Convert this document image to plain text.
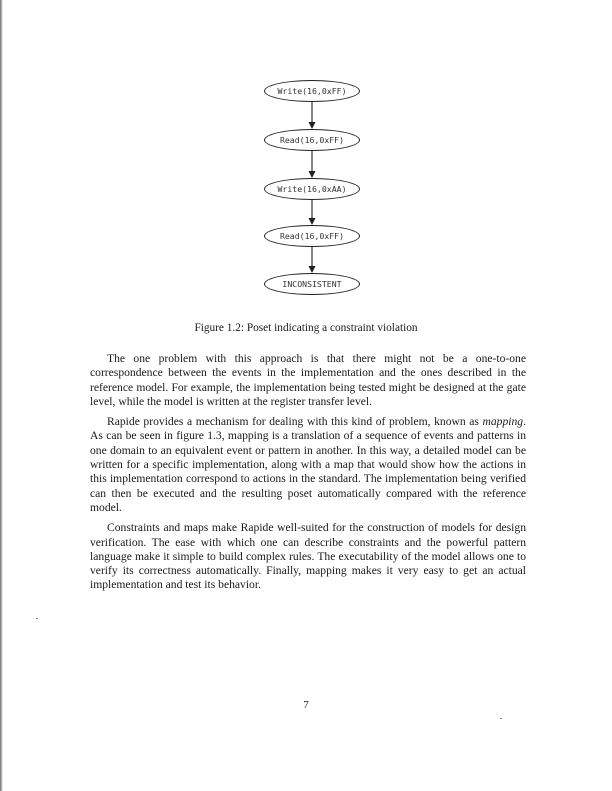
Write(16,0xFF)
Read(16,0xFF)
Write(16,0xAA)
Read(16,0xFF)
INCONSISTENT
Figure 1.2: Poset indicating a constraint violation

The one problem with this approach is that there might not be a one-to-one correspondence between the events in the implementation and the ones described in the reference model. For example, the implementation being tested might be designed at the gate level, while the model is written at the register transfer level.

Rapide provides a mechanism for dealing with this kind of problem, known as mapping. As can be seen in figure 1.3, mapping is a translation of a sequence of events and patterns in one domain to an equivalent event or pattern in another. In this way, a detailed model can be written for a specific implementation, along with a map that would show how the actions in this implementation correspond to actions in the standard. The implementation being verified can then be executed and the resulting poset automatically compared with the reference model.

Constraints and maps make Rapide well-suited for the construction of models for design verification. The ease with which one can describe constraints and the powerful pattern language make it simple to build complex rules. The executability of the model allows one to verify its correctness automatically. Finally, mapping makes it very easy to get an actual implementation and test its behavior.

7
